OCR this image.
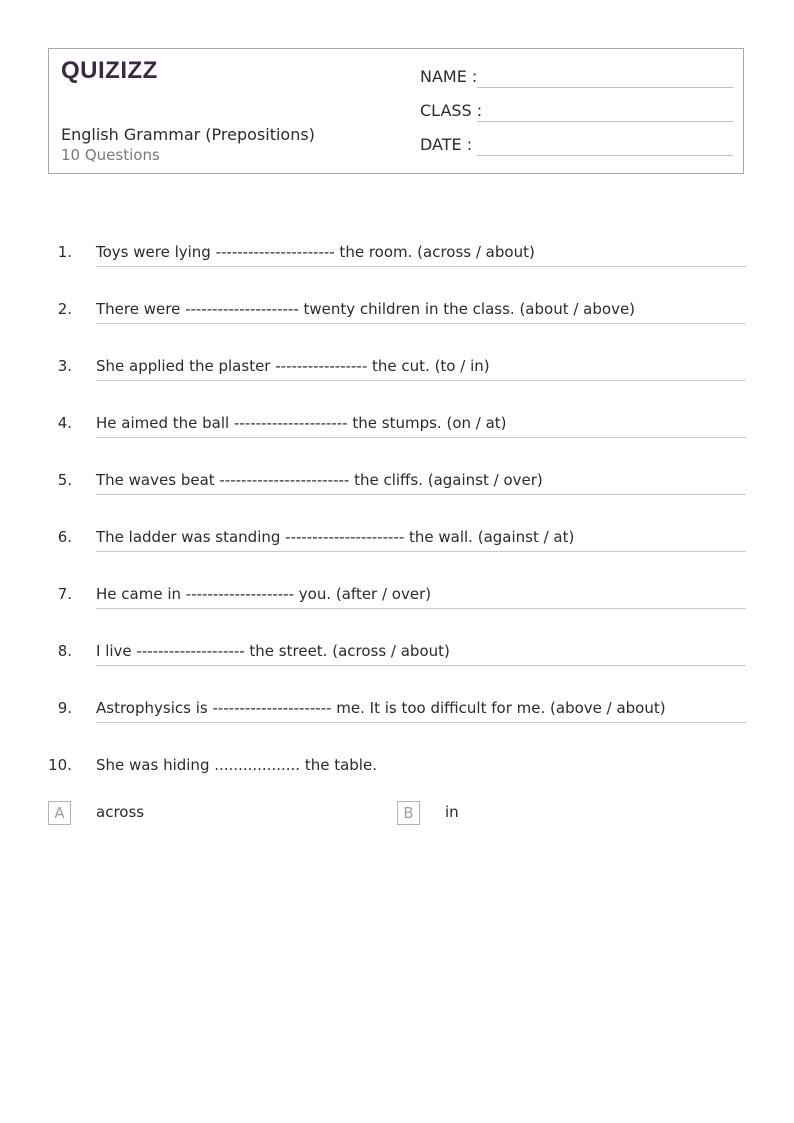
QUIZIZZ
English Grammar (Prepositions)
10 Questions
NAME :
CLASS :
DATE :
1. Toys were lying ---------------------- the room. (across / about)
2. There were --------------------- twenty children in the class. (about / above)
3. She applied the plaster ----------------- the cut. (to / in)
4. He aimed the ball --------------------- the stumps. (on / at)
5. The waves beat ------------------------ the cliffs. (against / over)
6. The ladder was standing ---------------------- the wall. (against / at)
7. He came in -------------------- you. (after / over)
8. I live -------------------- the street. (across / about)
9. Astrophysics is ---------------------- me. It is too difficult for me. (above / about)
10. She was hiding .................. the table.
A	across	B	in
